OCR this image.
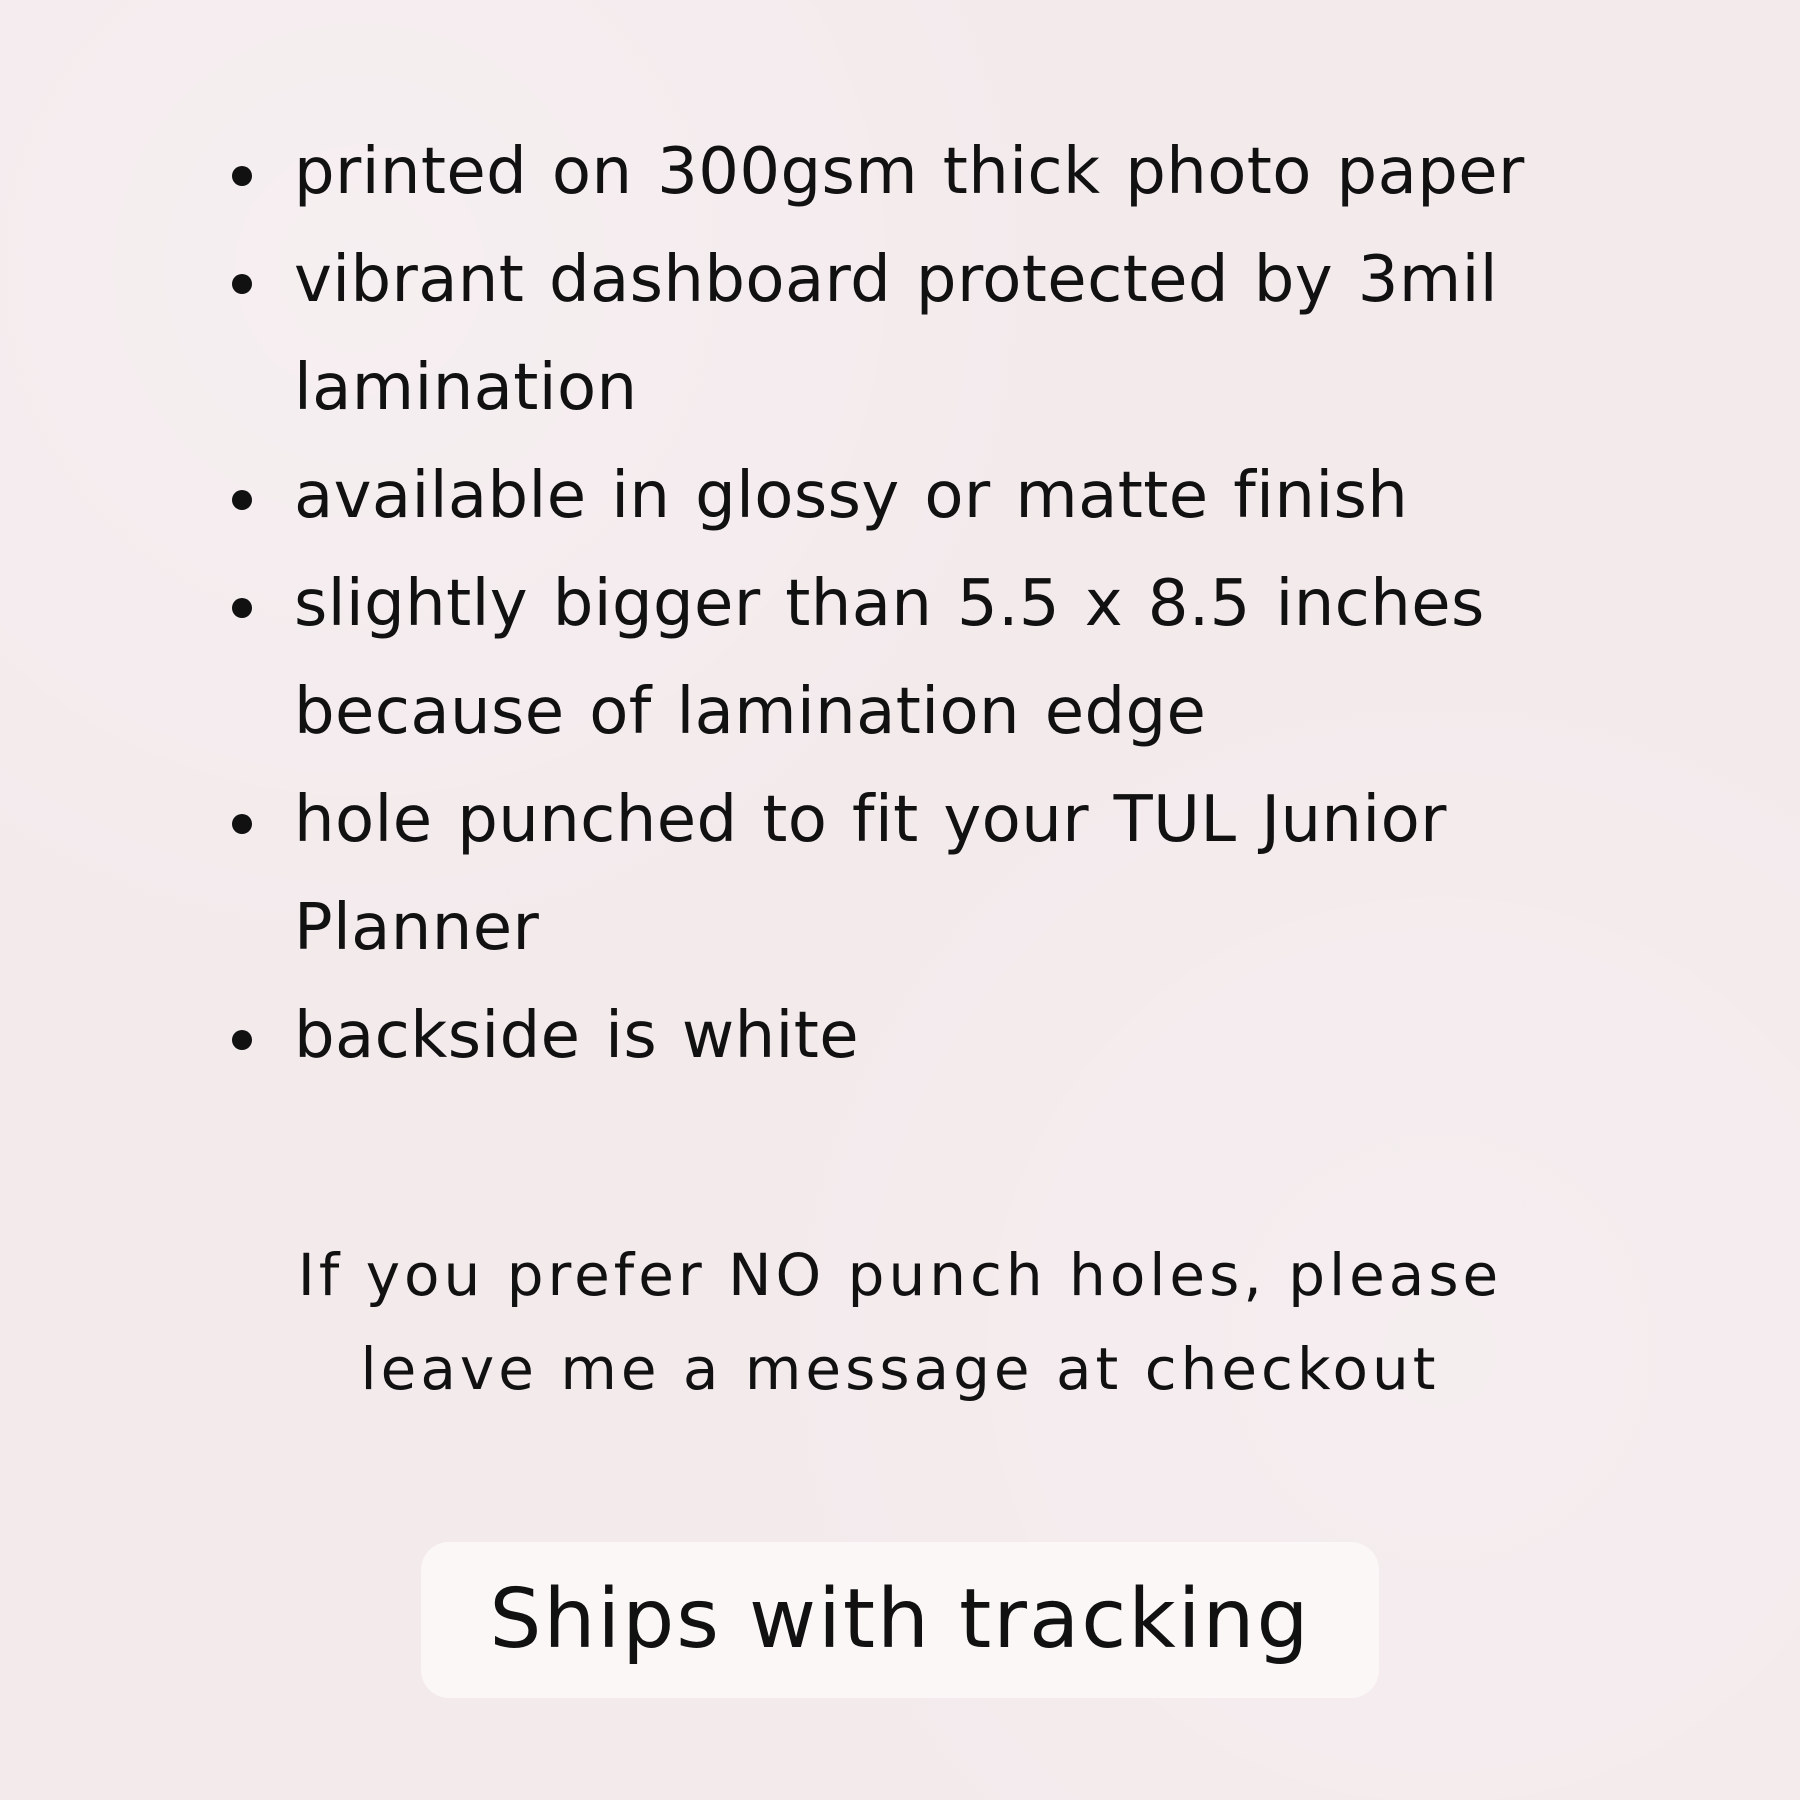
printed on 300gsm thick photo paper
vibrant dashboard protected by 3mil lamination
available in glossy or matte finish
slightly bigger than 5.5 x 8.5 inches because of lamination edge
hole punched to fit your TUL Junior Planner
backside is white
If you prefer NO punch holes, please
leave me a message at checkout
Ships with tracking
